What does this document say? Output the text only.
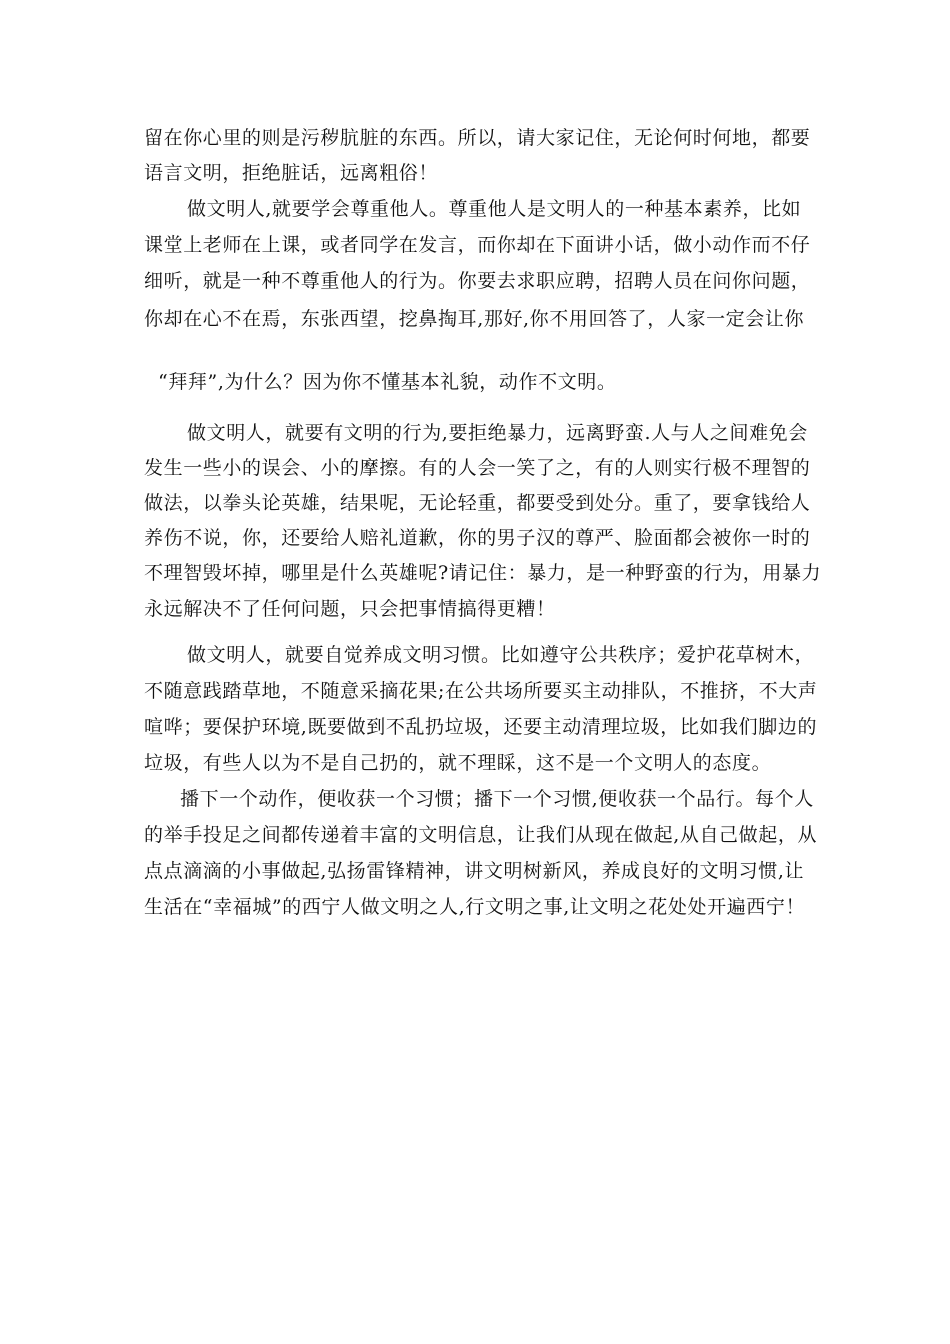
留在你心里的则是污秽肮脏的东西。所以，请大家记住，无论何时何地，都要
语言文明，拒绝脏话，远离粗俗！
做文明人,就要学会尊重他人。尊重他人是文明人的一种基本素养，比如
课堂上老师在上课，或者同学在发言，而你却在下面讲小话，做小动作而不仔
细听，就是一种不尊重他人的行为。你要去求职应聘，招聘人员在问你问题，
你却在心不在焉，东张西望，挖鼻掏耳,那好,你不用回答了，人家一定会让你
“拜拜”,为什么？因为你不懂基本礼貌，动作不文明。
做文明人，就要有文明的行为,要拒绝暴力，远离野蛮.人与人之间难免会
发生一些小的误会、小的摩擦。有的人会一笑了之，有的人则实行极不理智的
做法，以拳头论英雄，结果呢，无论轻重，都要受到处分。重了，要拿钱给人
养伤不说，你，还要给人赔礼道歉，你的男子汉的尊严、脸面都会被你一时的
不理智毁坏掉，哪里是什么英雄呢?请记住：暴力，是一种野蛮的行为，用暴力
永远解决不了任何问题，只会把事情搞得更糟！
做文明人，就要自觉养成文明习惯。比如遵守公共秩序；爱护花草树木，
不随意践踏草地，不随意采摘花果;在公共场所要买主动排队，不推挤，不大声
喧哗；要保护环境,既要做到不乱扔垃圾，还要主动清理垃圾，比如我们脚边的
垃圾，有些人以为不是自己扔的，就不理睬，这不是一个文明人的态度。
播下一个动作，便收获一个习惯；播下一个习惯,便收获一个品行。每个人
的举手投足之间都传递着丰富的文明信息，让我们从现在做起,从自己做起，从
点点滴滴的小事做起,弘扬雷锋精神，讲文明树新风，养成良好的文明习惯,让
生活在“幸福城”的西宁人做文明之人,行文明之事,让文明之花处处开遍西宁！
